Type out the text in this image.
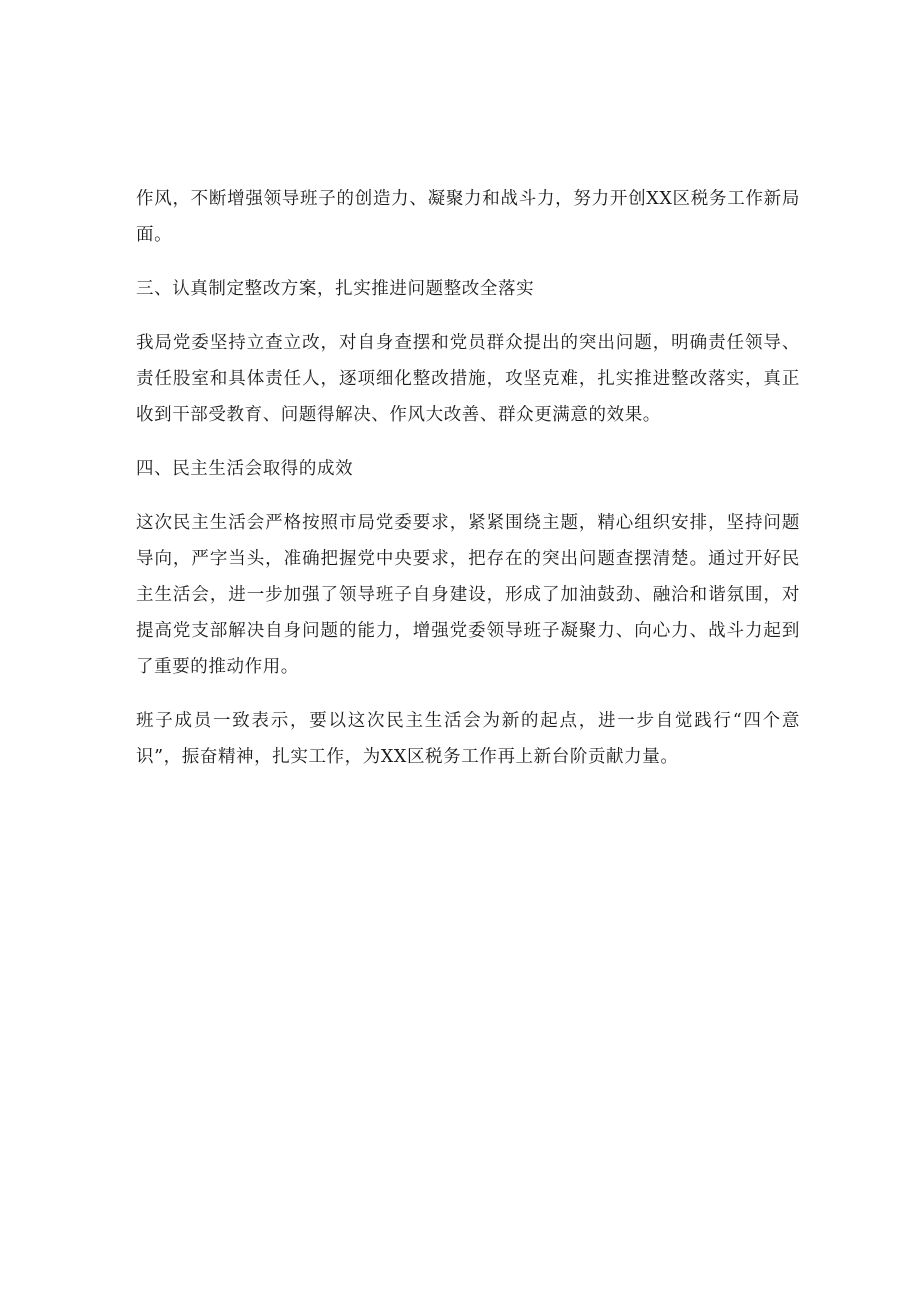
作风，不断增强领导班子的创造力、凝聚力和战斗力，努力开创XX区税务工作新局面。

三、认真制定整改方案，扎实推进问题整改全落实

我局党委坚持立查立改，对自身查摆和党员群众提出的突出问题，明确责任领导、责任股室和具体责任人，逐项细化整改措施，攻坚克难，扎实推进整改落实，真正收到干部受教育、问题得解决、作风大改善、群众更满意的效果。

四、民主生活会取得的成效

这次民主生活会严格按照市局党委要求，紧紧围绕主题，精心组织安排，坚持问题导向，严字当头，准确把握党中央要求，把存在的突出问题查摆清楚。通过开好民主生活会，进一步加强了领导班子自身建设，形成了加油鼓劲、融洽和谐氛围，对提高党支部解决自身问题的能力，增强党委领导班子凝聚力、向心力、战斗力起到了重要的推动作用。

班子成员一致表示，要以这次民主生活会为新的起点，进一步自觉践行“四个意识”，振奋精神，扎实工作，为XX区税务工作再上新台阶贡献力量。
